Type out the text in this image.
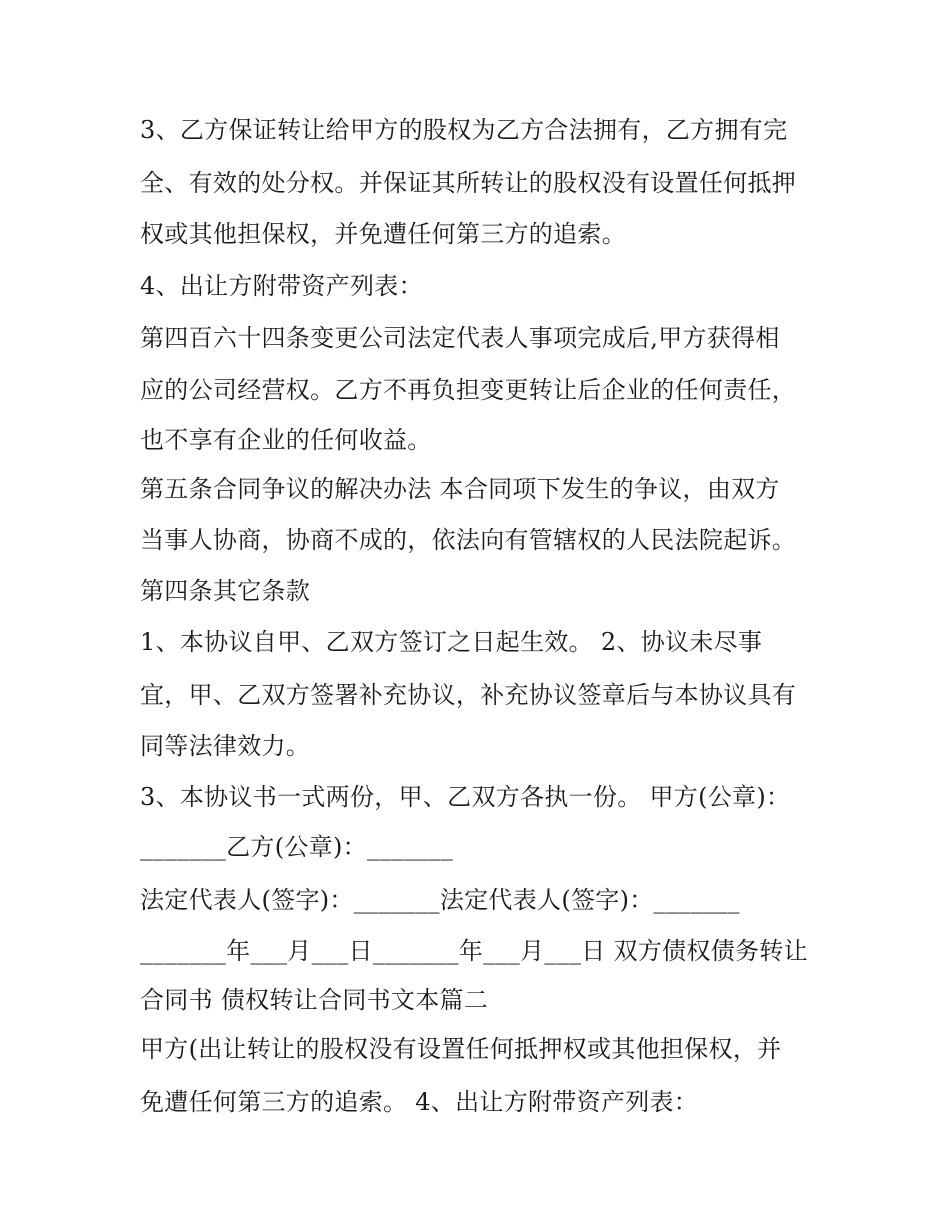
3、乙方保证转让给甲方的股权为乙方合法拥有，乙方拥有完

全、有效的处分权。并保证其所转让的股权没有设置任何抵押

权或其他担保权，并免遭任何第三方的追索。

4、出让方附带资产列表：

第四百六十四条变更公司法定代表人事项完成后,甲方获得相

应的公司经营权。乙方不再负担变更转让后企业的任何责任，

也不享有企业的任何收益。

第五条合同争议的解决办法 本合同项下发生的争议，由双方

当事人协商，协商不成的，依法向有管辖权的人民法院起诉。

第四条其它条款

1、本协议自甲、乙双方签订之日起生效。 2、协议未尽事

宜，甲、乙双方签署补充协议，补充协议签章后与本协议具有

同等法律效力。

3、本协议书一式两份，甲、乙双方各执一份。 甲方(公章)：

_______乙方(公章)：_______

法定代表人(签字)：_______法定代表人(签字)：_______

_______年___月___日_______年___月___日 双方债权债务转让

合同书 债权转让合同书文本篇二

甲方(出让转让的股权没有设置任何抵押权或其他担保权，并

免遭任何第三方的追索。 4、出让方附带资产列表：
